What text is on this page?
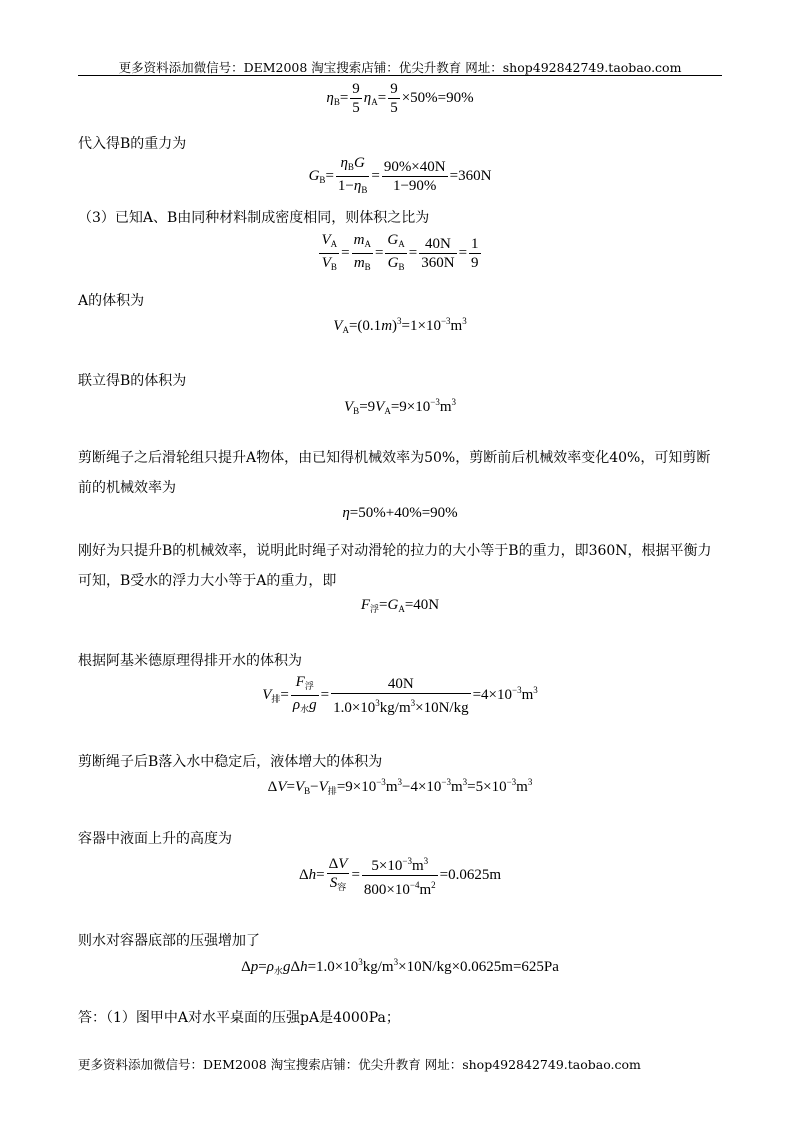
更多资料添加微信号：DEM2008 淘宝搜索店铺：优尖升教育 网址：shop492842749.taobao.com
$\eta_B= \frac{9}{5} \eta_A= \frac{9}{5} \times 50\%=90\%$
代入得B的重力为
$G_B= \frac{\eta_BG}{1-\eta_B} = \frac{90\%\times 40N}{1-90\%} =360N$
（3）已知A、B由同种材料制成密度相同，则体积之比为
$\frac{V_A}{V_B} = \frac{m_A}{m_B} = \frac{G_A}{G_B} = \frac{40N}{360N} = \frac{1}{9}$
A的体积为
$V_A=(0.1m)^3=1\times 10^{-3}m^3$
联立得B的体积为
$V_B=9V_A=9\times 10^{-3}m^3$
剪断绳子之后滑轮组只提升A物体，由已知得机械效率为50%，剪断前后机械效率变化40%，可知剪断
前的机械效率为
η=50%+40%=90%
刚好为只提升B的机械效率，说明此时绳子对动滑轮的拉力的大小等于B的重力，即360N，根据平衡力
可知，B受水的浮力大小等于A的重力，即
$F_浮=G_A=40N$
根据阿基米德原理得排开水的体积为
$V_排= \frac{F_浮}{\rho_水g} = \frac{40N}{1.0\times 10^3kg/m^3\times 10N/kg} =4\times 10^{-3}m^3$
剪断绳子后B落入水中稳定后，液体增大的体积为
$\Delta V=V_B-V_排=9\times 10^{-3}m^3-4\times 10^{-3}m^3=5\times 10^{-3}m^3$
容器中液面上升的高度为
$\Delta h= \frac{\Delta V}{S_容} = \frac{5\times 10^{-3}m^3}{800\times 10^{-4}m^2} =0.0625m$
则水对容器底部的压强增加了
$\Delta p=\rho_水g\Delta h=1.0\times 10^3kg/m^3\times 10N/kg\times 0.0625m=625Pa$
答：（1）图甲中A对水平桌面的压强pA是4000Pa；
更多资料添加微信号：DEM2008 淘宝搜索店铺：优尖升教育 网址：shop492842749.taobao.com
